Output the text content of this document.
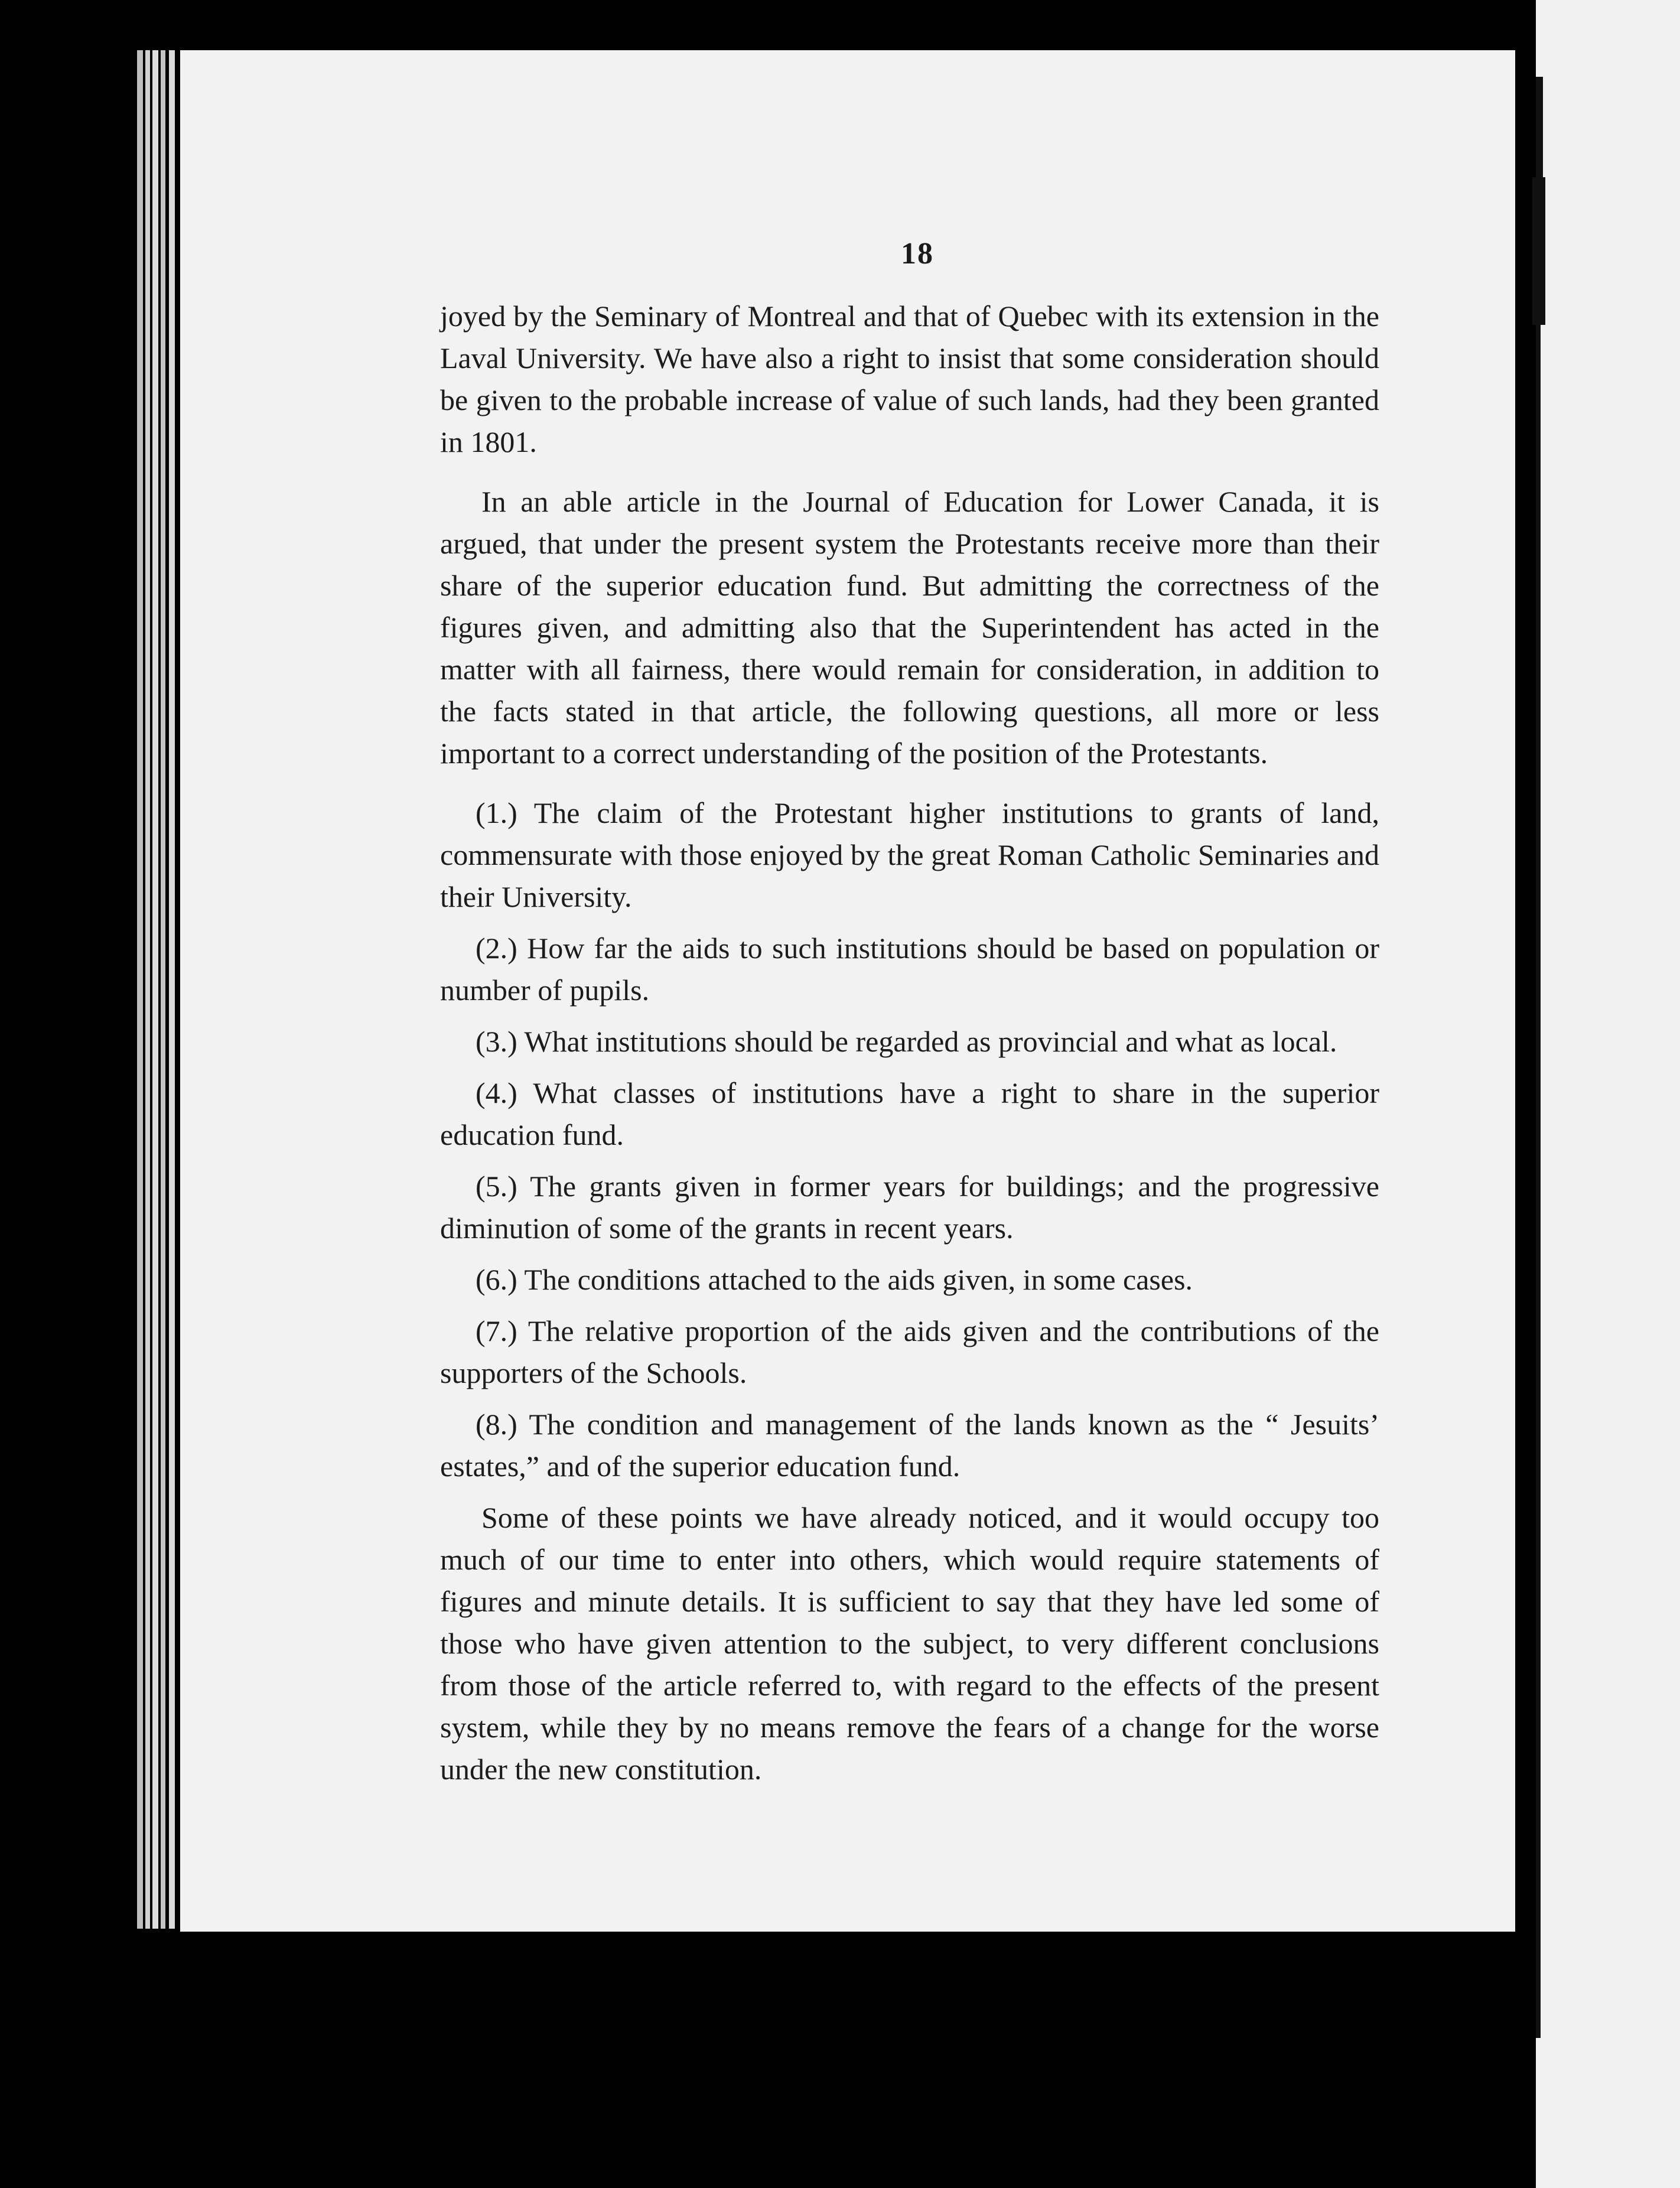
18

joyed by the Seminary of Montreal and that of Quebec with its extension in the Laval University. We have also a right to insist that some consideration should be given to the probable increase of value of such lands, had they been granted in 1801.

In an able article in the Journal of Education for Lower Canada, it is argued, that under the present system the Protestants receive more than their share of the superior education fund. But admitting the correctness of the figures given, and admitting also that the Superintendent has acted in the matter with all fairness, there would remain for consideration, in addition to the facts stated in that article, the following questions, all more or less important to a correct understanding of the position of the Protestants.

(1.) The claim of the Protestant higher institutions to grants of land, commensurate with those enjoyed by the great Roman Catholic Seminaries and their University.

(2.) How far the aids to such institutions should be based on population or number of pupils.

(3.) What institutions should be regarded as provincial and what as local.

(4.) What classes of institutions have a right to share in the superior education fund.

(5.) The grants given in former years for buildings; and the progressive diminution of some of the grants in recent years.

(6.) The conditions attached to the aids given, in some cases.

(7.) The relative proportion of the aids given and the contributions of the supporters of the Schools.

(8.) The condition and management of the lands known as the “ Jesuits’ estates,” and of the superior education fund.

Some of these points we have already noticed, and it would occupy too much of our time to enter into others, which would require statements of figures and minute details. It is sufficient to say that they have led some of those who have given attention to the subject, to very different conclusions from those of the article referred to, with regard to the effects of the present system, while they by no means remove the fears of a change for the worse under the new constitution.
